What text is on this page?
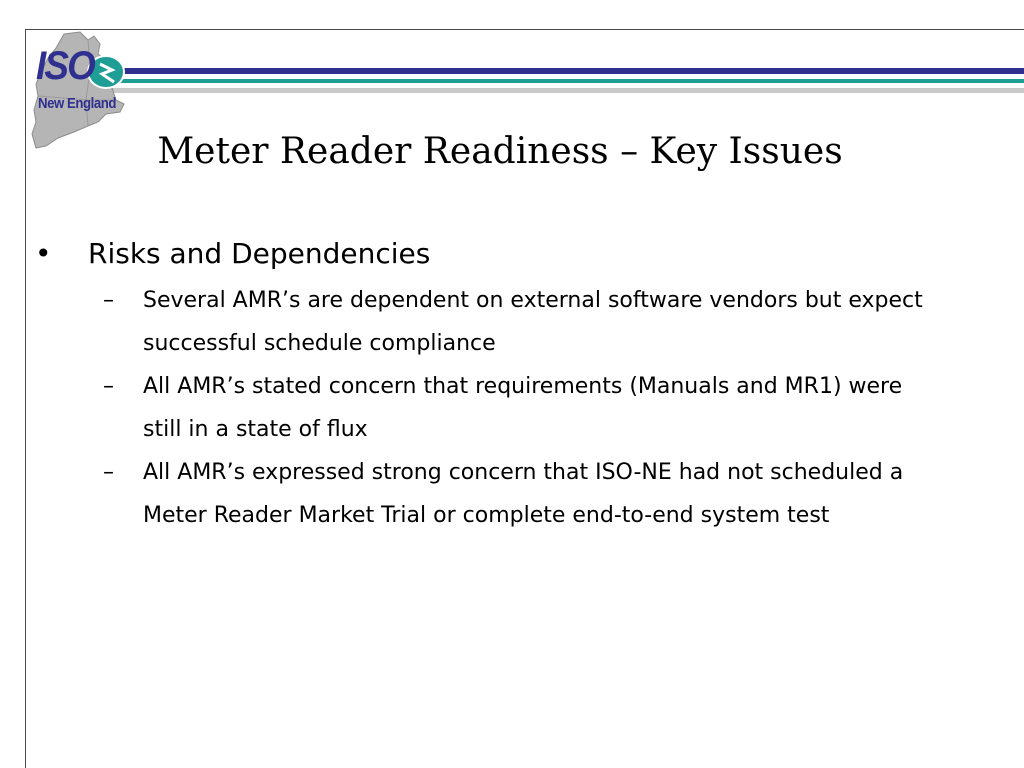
ISO
New England
Meter Reader Readiness – Key Issues
• Risks and Dependencies
– Several AMR’s are dependent on external software vendors but expect successful schedule compliance
– All AMR’s stated concern that requirements (Manuals and MR1) were still in a state of flux
– All AMR’s expressed strong concern that ISO-NE had not scheduled a Meter Reader Market Trial or complete end-to-end system test
